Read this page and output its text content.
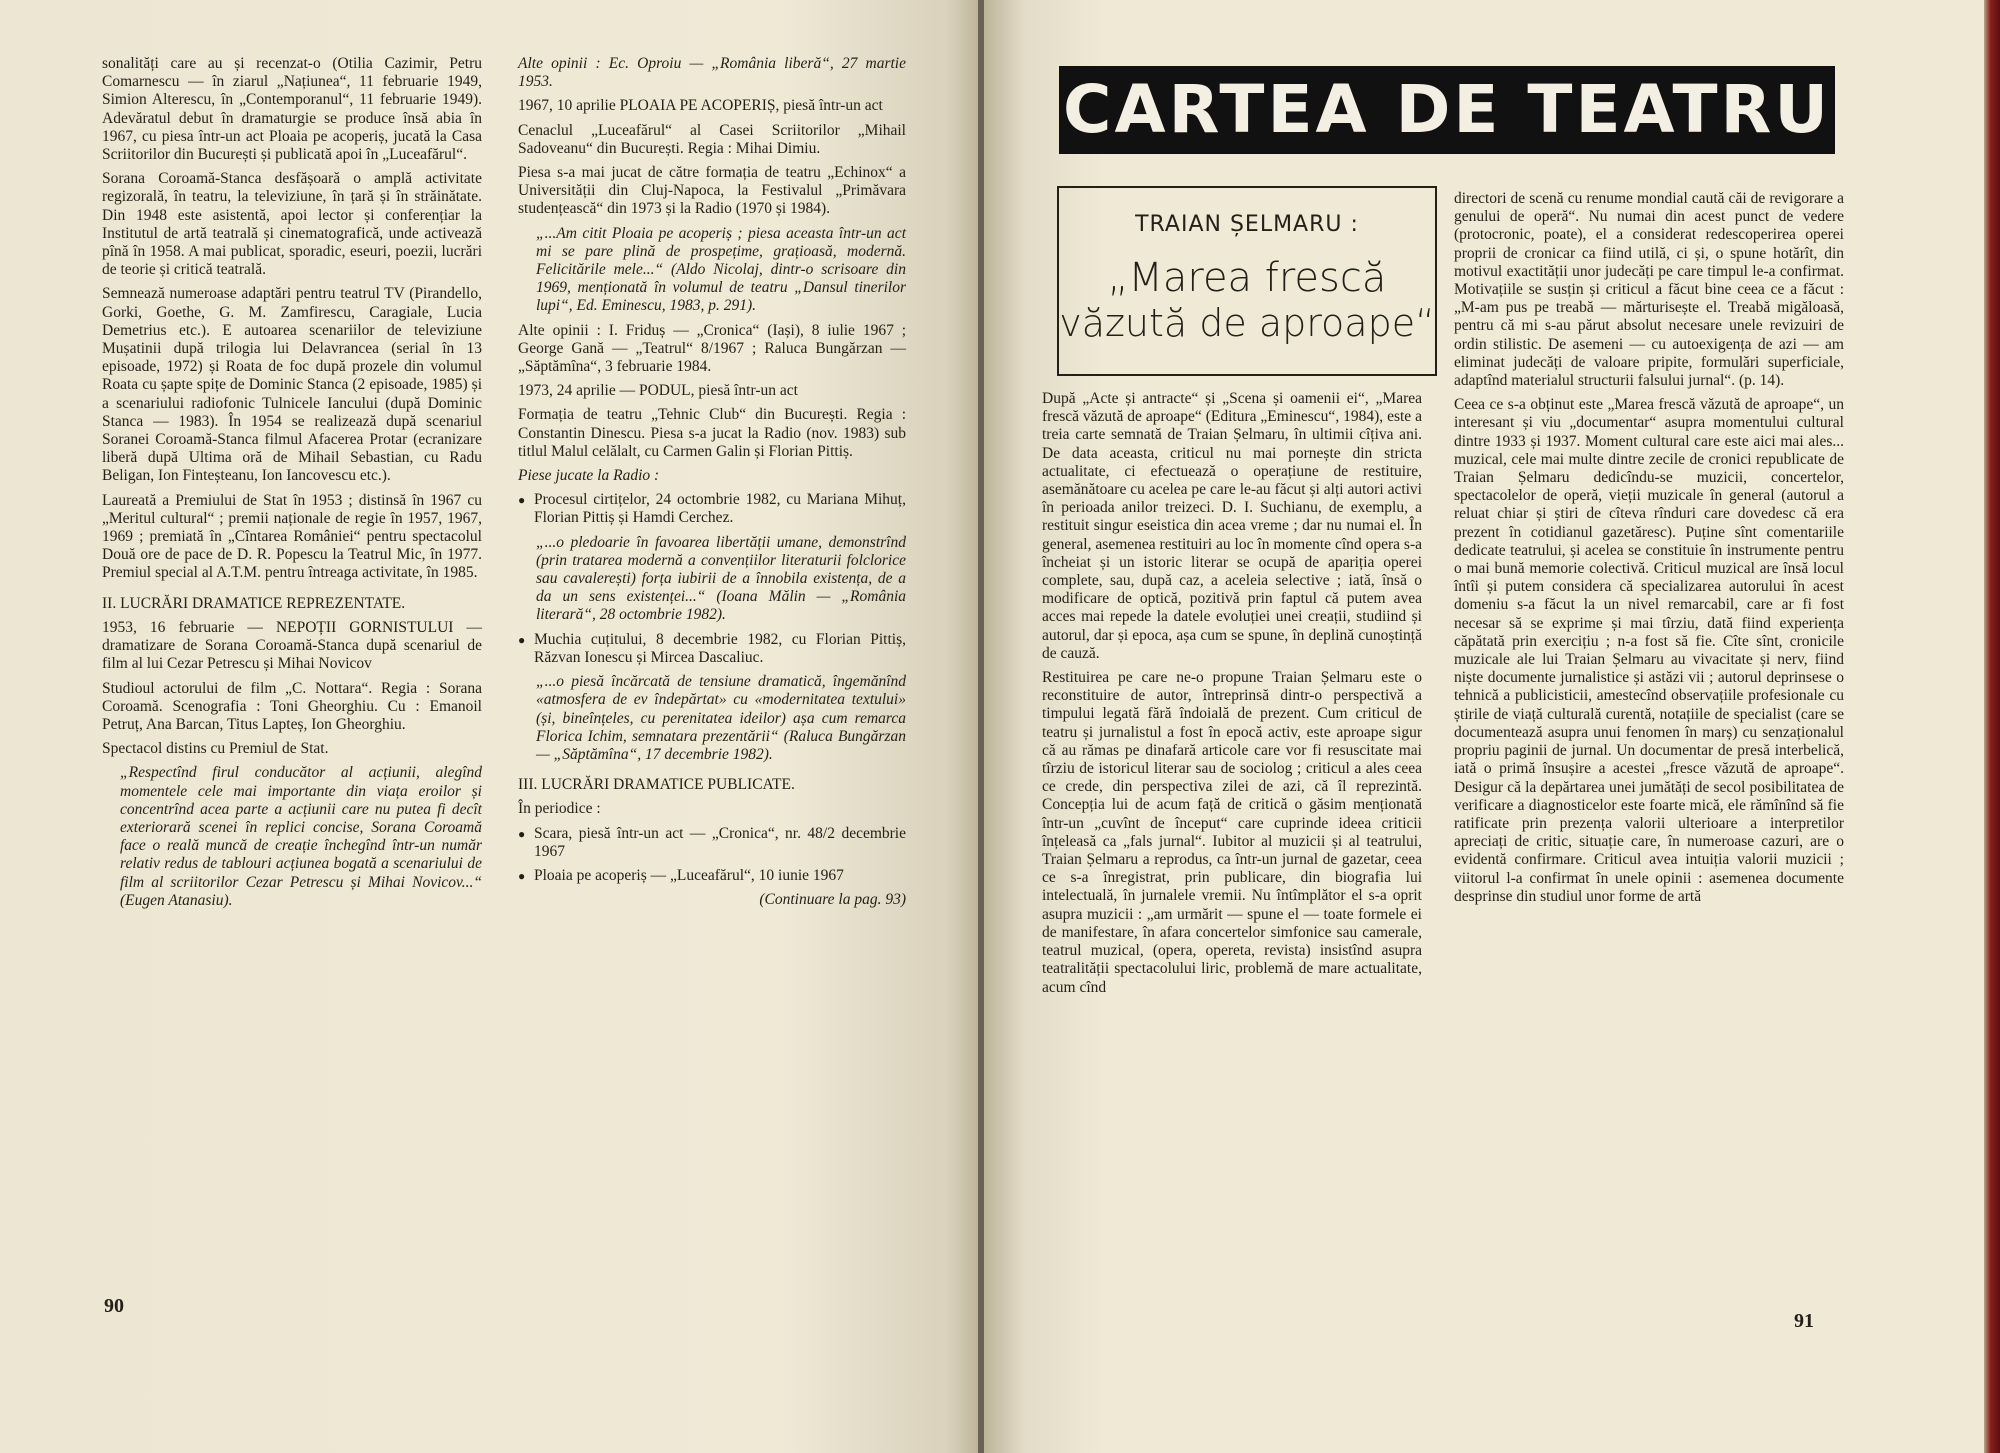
sonalități care au și recenzat-o (Otilia Cazimir, Petru Comarnescu — în ziarul „Națiunea“, 11 februarie 1949, Simion Alterescu, în „Contemporanul“, 11 februarie 1949). Adevăratul debut în dramaturgie se produce însă abia în 1967, cu piesa într-un act Ploaia pe acoperiș, jucată la Casa Scriitorilor din București și publicată apoi în „Luceafărul“.

Sorana Coroamă-Stanca desfășoară o amplă activitate regizorală, în teatru, la televiziune, în țară și în străinătate. Din 1948 este asistentă, apoi lector și conferențiar la Institutul de artă teatrală și cinematografică, unde activează pînă în 1958. A mai publicat, sporadic, eseuri, poezii, lucrări de teorie și critică teatrală.

Semnează numeroase adaptări pentru teatrul TV (Pirandello, Gorki, Goethe, G. M. Zamfirescu, Caragiale, Lucia Demetrius etc.). E autoarea scenariilor de televiziune Mușatinii după trilogia lui Delavrancea (serial în 13 episoade, 1972) și Roata de foc după prozele din volumul Roata cu șapte spițe de Dominic Stanca (2 episoade, 1985) și a scenariului radiofonic Tulnicele Iancului (după Dominic Stanca — 1983). În 1954 se realizează după scenariul Soranei Coroamă-Stanca filmul Afacerea Protar (ecranizare liberă după Ultima oră de Mihail Sebastian, cu Radu Beligan, Ion Finteșteanu, Ion Iancovescu etc.).

Laureată a Premiului de Stat în 1953 ; distinsă în 1967 cu „Meritul cultural“ ; premii naționale de regie în 1957, 1967, 1969 ; premiată în „Cîntarea României“ pentru spectacolul Două ore de pace de D. R. Popescu la Teatrul Mic, în 1977. Premiul special al A.T.M. pentru întreaga activitate, în 1985.

II. LUCRĂRI DRAMATICE REPREZENTATE.

1953, 16 februarie — NEPOȚII GORNISTULUI — dramatizare de Sorana Coroamă-Stanca după scenariul de film al lui Cezar Petrescu și Mihai Novicov

Studioul actorului de film „C. Nottara“. Regia : Sorana Coroamă. Scenografia : Toni Gheorghiu. Cu : Emanoil Petruț, Ana Barcan, Titus Lapteș, Ion Gheorghiu.

Spectacol distins cu Premiul de Stat.

„Respectînd firul conducător al acțiunii, alegînd momentele cele mai importante din viața eroilor și concentrînd acea parte a acțiunii care nu putea fi decît exteriorară scenei în replici concise, Sorana Coroamă face o reală muncă de creație închegînd într-un număr relativ redus de tablouri acțiunea bogată a scenariului de film al scriitorilor Cezar Petrescu și Mihai Novicov...“ (Eugen Atanasiu).

Alte opinii : Ec. Oproiu — „România liberă“, 27 martie 1953.

1967, 10 aprilie PLOAIA PE ACOPERIȘ, piesă într-un act

Cenaclul „Luceafărul“ al Casei Scriitorilor „Mihail Sadoveanu“ din București. Regia : Mihai Dimiu.

Piesa s-a mai jucat de către formația de teatru „Echinox“ a Universității din Cluj-Napoca, la Festivalul „Primăvara studențească“ din 1973 și la Radio (1970 și 1984).

„...Am citit Ploaia pe acoperiș ; piesa aceasta într-un act mi se pare plină de prospețime, grațioasă, modernă. Felicitările mele...“ (Aldo Nicolaj, dintr-o scrisoare din 1969, menționată în volumul de teatru „Dansul tinerilor lupi“, Ed. Eminescu, 1983, p. 291).

Alte opinii : I. Friduș — „Cronica“ (Iași), 8 iulie 1967 ; George Gană — „Teatrul“ 8/1967 ; Raluca Bungărzan — „Săptămîna“, 3 februarie 1984.

1973, 24 aprilie — PODUL, piesă într-un act

Formația de teatru „Tehnic Club“ din București. Regia : Constantin Dinescu. Piesa s-a jucat la Radio (nov. 1983) sub titlul Malul celălalt, cu Carmen Galin și Florian Pittiș.

Piese jucate la Radio :

● Procesul cirtițelor, 24 octombrie 1982, cu Mariana Mihuț, Florian Pittiș și Hamdi Cerchez.

„...o pledoarie în favoarea libertății umane, demonstrînd (prin tratarea modernă a convențiilor literaturii folclorice sau cavalerești) forța iubirii de a înnobila existența, de a da un sens existenței...“ (Ioana Mălin — „România literară“, 28 octombrie 1982).

● Muchia cuțitului, 8 decembrie 1982, cu Florian Pittiș, Răzvan Ionescu și Mircea Dascaliuc.

„...o piesă încărcată de tensiune dramatică, îngemănînd «atmosfera de ev îndepărtat» cu «modernitatea textului» (și, bineînțeles, cu perenitatea ideilor) așa cum remarca Florica Ichim, semnatara prezentării“ (Raluca Bungărzan — „Săptămîna“, 17 decembrie 1982).

III. LUCRĂRI DRAMATICE PUBLICATE.

În periodice :

● Scara, piesă într-un act — „Cronica“, nr. 48/2 decembrie 1967

● Ploaia pe acoperiș — „Luceafărul“, 10 iunie 1967

(Continuare la pag. 93)

90

După „Acte și antracte“ și „Scena și oamenii ei“, „Marea frescă văzută de aproape“ (Editura „Eminescu“, 1984), este a treia carte semnată de Traian Șelmaru, în ultimii cîțiva ani. De data aceasta, criticul nu mai pornește din stricta actualitate, ci efectuează o operațiune de restituire, asemănătoare cu acelea pe care le-au făcut și alți autori activi în perioada anilor treizeci. D. I. Suchianu, de exemplu, a restituit singur eseistica din acea vreme ; dar nu numai el. În general, asemenea restituiri au loc în momente cînd opera s-a încheiat și un istoric literar se ocupă de apariția operei complete, sau, după caz, a aceleia selective ; iată, însă o modificare de optică, pozitivă prin faptul că putem avea acces mai repede la datele evoluției unei creații, studiind și autorul, dar și epoca, așa cum se spune, în deplină cunoștință de cauză.

Restituirea pe care ne-o propune Traian Șelmaru este o reconstituire de autor, întreprinsă dintr-o perspectivă a timpului legată fără îndoială de prezent. Cum criticul de teatru și jurnalistul a fost în epocă activ, este aproape sigur că au rămas pe dinafară articole care vor fi resuscitate mai tîrziu de istoricul literar sau de sociolog ; criticul a ales ceea ce crede, din perspectiva zilei de azi, că îl reprezintă. Concepția lui de acum față de critică o găsim menționată într-un „cuvînt de început“ care cuprinde ideea criticii înțeleasă ca „fals jurnal“. Iubitor al muzicii și al teatrului, Traian Șelmaru a reprodus, ca într-un jurnal de gazetar, ceea ce s-a înregistrat, prin publicare, din biografia lui intelectuală, în jurnalele vremii. Nu întîmplător el s-a oprit asupra muzicii : „am urmărit — spune el — toate formele ei de manifestare, în afara concertelor simfonice sau camerale, teatrul muzical, (opera, opereta, revista) insistînd asupra teatralității spectacolului liric, problemă de mare actualitate, acum cînd

directori de scenă cu renume mondial caută căi de revigorare a genului de operă“. Nu numai din acest punct de vedere (protocronic, poate), el a considerat redescoperirea operei proprii de cronicar ca fiind utilă, ci și, o spune hotărît, din motivul exactității unor judecăți pe care timpul le-a confirmat. Motivațiile se susțin și criticul a făcut bine ceea ce a făcut : „M-am pus pe treabă — mărturisește el. Treabă migăloasă, pentru că mi s-au părut absolut necesare unele revizuiri de ordin stilistic. De asemeni — cu autoexigența de azi — am eliminat judecăți de valoare pripite, formulări superficiale, adaptînd materialul structurii falsului jurnal“. (p. 14).

Ceea ce s-a obținut este „Marea frescă văzută de aproape“, un interesant și viu „documentar“ asupra momentului cultural dintre 1933 și 1937. Moment cultural care este aici mai ales... muzical, cele mai multe dintre zecile de cronici republicate de Traian Șelmaru dedicîndu-se muzicii, concertelor, spectacolelor de operă, vieții muzicale în general (autorul a reluat chiar și știri de cîteva rînduri care dovedesc că era prezent în cotidianul gazetăresc). Puține sînt comentariile dedicate teatrului, și acelea se constituie în instrumente pentru o mai bună memorie colectivă. Criticul muzical are însă locul întîi și putem considera că specializarea autorului în acest domeniu s-a făcut la un nivel remarcabil, care ar fi fost necesar să se exprime și mai tîrziu, dată fiind experiența căpătată prin exercițiu ; n-a fost să fie. Cîte sînt, cronicile muzicale ale lui Traian Șelmaru au vivacitate și nerv, fiind niște documente jurnalistice și astăzi vii ; autorul deprinsese o tehnică a publicisticii, amestecînd observațiile profesionale cu știrile de viață culturală curentă, notațiile de specialist (care se documentează asupra unui fenomen în marș) cu senzaționalul propriu paginii de jurnal. Un documentar de presă interbelică, iată o primă însușire a acestei „frescе văzută de aproape“. Desigur că la depărtarea unei jumătăți de secol posibilitatea de verificare a diagnosticelor este foarte mică, ele rămînînd să fie ratificate prin prezența valorii ulterioare a interpretilor apreciați de critic, situație care, în numeroase cazuri, are o evidentă confirmare. Criticul avea intuiția valorii muzicii ; viitorul l-a confirmat în unele opinii : asemenea documente desprinse din studiul unor forme de artă

91
CARTEA DE TEATRU
TRAIAN ȘELMARU :
„Marea frescă
văzută de aproape“
